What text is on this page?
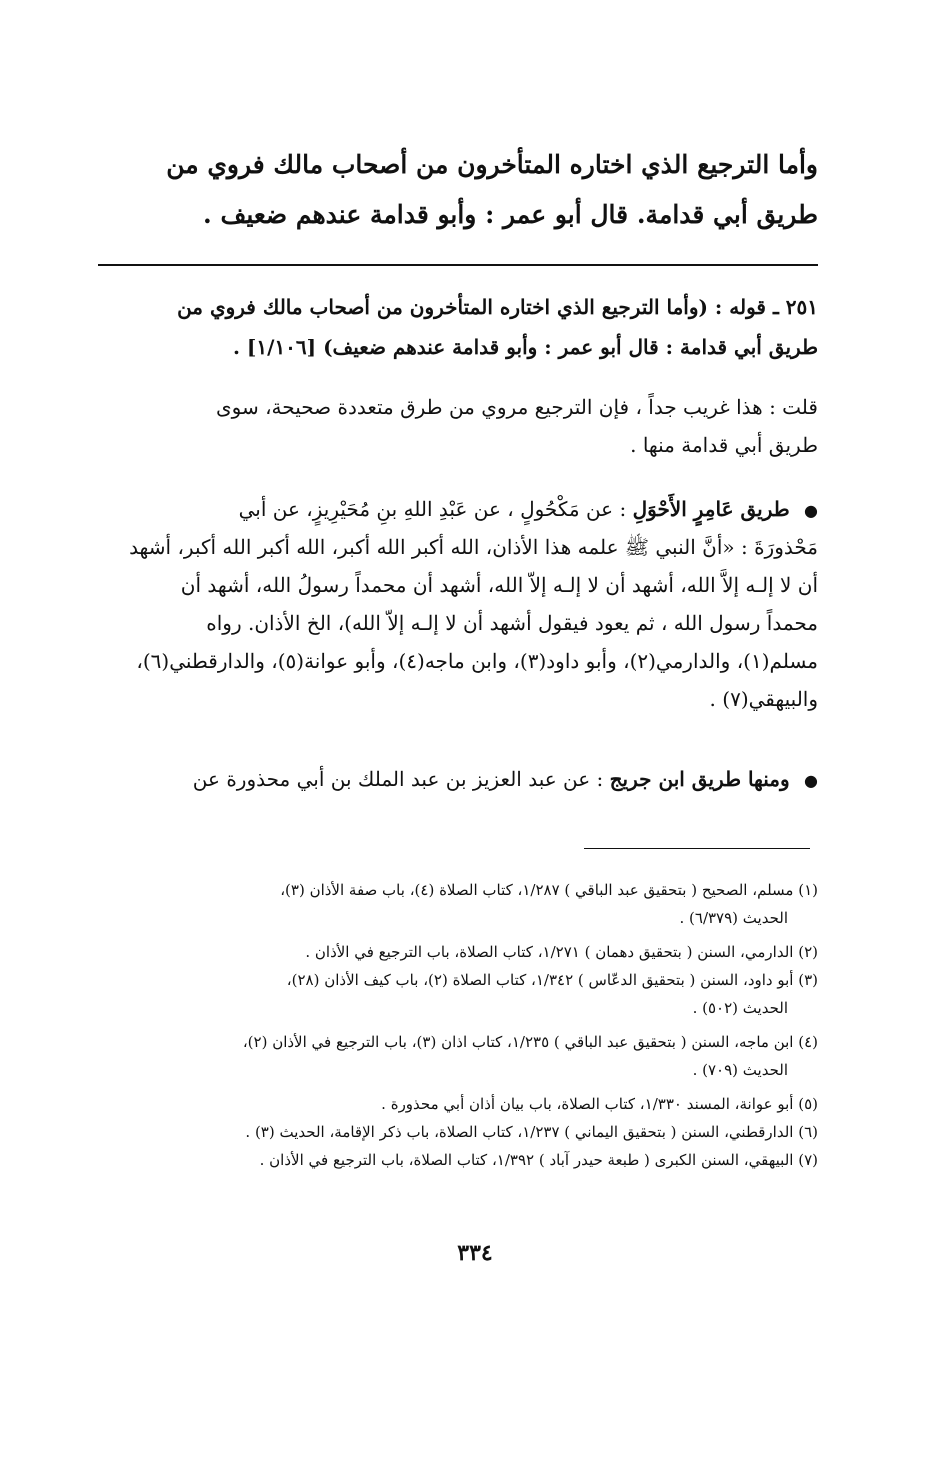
وأما الترجيع الذي اختاره المتأخرون من أصحاب مالك فروي من
طريق أبي قدامة. قال أبو عمر : وأبو قدامة عندهم ضعيف .
٢٥١ ـ قوله : (وأما الترجيع الذي اختاره المتأخرون من أصحاب مالك فروي من
طريق أبي قدامة : قال أبو عمر : وأبو قدامة عندهم ضعيف) [١/١٠٦] .
قلت : هذا غريب جداً ، فإن الترجيع مروي من طرق متعددة صحيحة، سوى
طريق أبي قدامة منها .
● طريق عَامِرٍ الأَحْوَلِ : عن مَكْحُولٍ ، عن عَبْدِ اللهِ بنِ مُحَيْرِيزٍ، عن أبي
مَحْذورَةَ : «أنَّ النبي ﷺ علمه هذا الأذان، الله أكبر الله أكبر، الله أكبر الله أكبر، أشهد
أن لا إلـه إلاَّ الله، أشهد أن لا إلـه إلاّ الله، أشهد أن محمداً رسولُ الله، أشهد أن
محمداً رسول الله ، ثم يعود فيقول أشهد أن لا إلـه إلاّ الله)، الخ الأذان. رواه
مسلم(١)، والدارمي(٢)، وأبو داود(٣)، وابن ماجه(٤)، وأبو عوانة(٥)، والدارقطني(٦)،
والبيهقي(٧) .
● ومنها طريق ابن جريج : عن عبد العزيز بن عبد الملك بن أبي محذورة عن
(١) مسلم، الصحيح ( بتحقيق عبد الباقي ) ١/٢٨٧، كتاب الصلاة (٤)، باب صفة الأذان (٣)،
الحديث (٦/٣٧٩) .
(٢) الدارمي، السنن ( بتحقيق دهمان ) ١/٢٧١، كتاب الصلاة، باب الترجيع في الأذان .
(٣) أبو داود، السنن ( بتحقيق الدعّاس ) ١/٣٤٢، كتاب الصلاة (٢)، باب كيف الأذان (٢٨)،
الحديث (٥٠٢) .
(٤) ابن ماجه، السنن ( بتحقيق عبد الباقي ) ١/٢٣٥، كتاب اذان (٣)، باب الترجيع في الأذان (٢)،
الحديث (٧٠٩) .
(٥) أبو عوانة، المسند ١/٣٣٠، كتاب الصلاة، باب بيان أذان أبي محذورة .
(٦) الدارقطني، السنن ( بتحقيق اليماني ) ١/٢٣٧، كتاب الصلاة، باب ذكر الإقامة، الحديث (٣) .
(٧) البيهقي، السنن الكبرى ( طبعة حيدر آباد ) ١/٣٩٢، كتاب الصلاة، باب الترجيع في الأذان .
٣٣٤
